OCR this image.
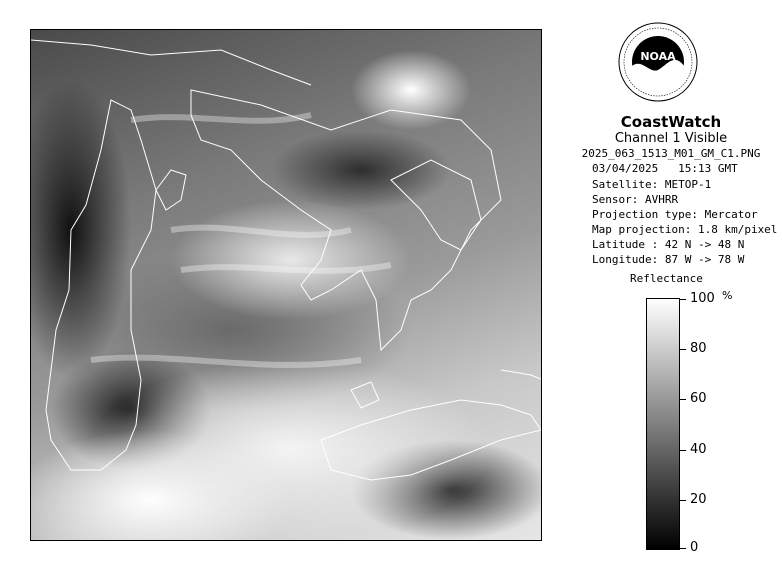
NOAA
CoastWatch
Channel 1 Visible
2025_063_1513_M01_GM_C1.PNG
03/04/2025 15:13 GMT
Satellite: METOP-1
Sensor: AVHRR
Projection type: Mercator
Map projection: 1.8 km/pixel
Latitude : 42 N -> 48 N
Longitude: 87 W -> 78 W
Reflectance
100 %
80
60
40
20
0
